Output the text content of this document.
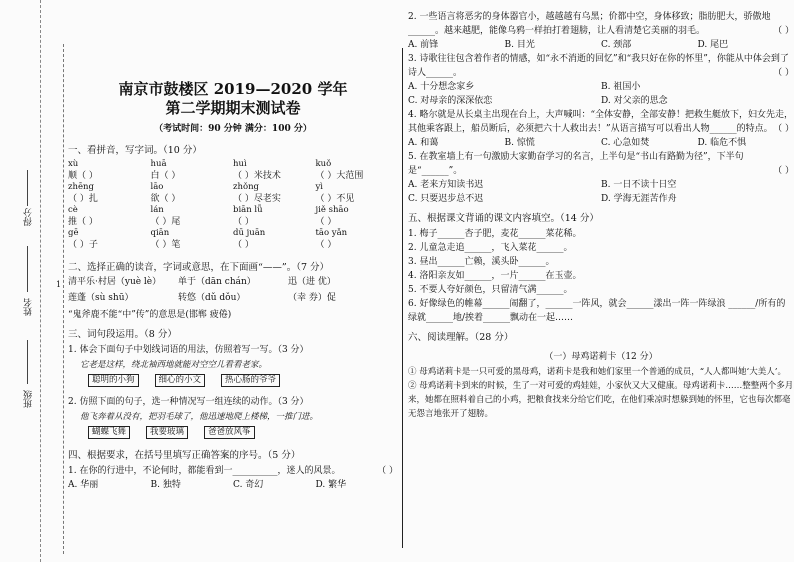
得分
姓名
班级
1
南京市鼓楼区 2019—2020 学年
第二学期期末测试卷
（考试时间：90 分钟 满分：100 分）
一、看拼音，写字词。（10 分）
xù	huā	huì	kuǒ
顺（ ）	白（ ）	（ ）米技术	（ ）大范围
zhēng	lāo	zhǒng	yì
（ ）扎	欲（ ）	（ ）尽老实	（ ）不见
cè	lán	biān lǚ	jiě shāo
推（ ）	（ ）尾	（ ）	（ ）
gē	qiān	dū juān	tāo yǎn
（ ）子	（ ）笔	（ ）	（ ）
二、选择正确的读音，字词或意思，在下面画“——”。（7 分）
清平乐·村居（yuè lè）	单于（dān chán）	迅（进 优）
莲蓬（sù shū）	转悠（dǔ dǒu）	（幸 券）促
“鬼斧鹿不能“中”传”的意思是(邯郸 疲倦)
三、词句段运用。（8 分）
1. 体会下面句子中划线词语的用法，仿照着写一写。（3 分）
它老是这样，绕北袖西地就能对空空儿看看老家。
聪明的小狗	细心的小文	热心肠的爷爷
2. 仿照下面的句子，选一种情况写一组连续的动作。（3 分）
他飞奔着从没有，把羽毛球了，他迅速地爬上楼梯，一推门进。
蝴蝶飞舞	我要玻璃	爸爸放风筝
四、根据要求，在括号里填写正确答案的序号。（5 分）
1. 在你的行进中，不论何时，都能看到一__________，迷人的风景。	（ ）
A. 华丽	B. 独特	C. 奇幻	D. 繁华
2. 一些语言将恶劣的身体器官小，越越越有乌黑；价都中空，身体移致；脂肪肥大，骄傲地______。越来越肥，能像乌鸦一样拍打着翅膀，让人看清楚它美丽的羽毛。	（ ）
A. 前锋	B. 目光	C. 颈部	D. 尾巴
3. 诗歌往往包含着作者的情感，如“永不消逝的回忆”和“我只好在你的怀里”，你能从中体会到了诗人______。	（ ）
A. 十分想念家乡	B. 祖国小
C. 对母亲的深深依恋	D. 对父亲的思念
4. 略尔就是从长桌主出现在台上，大声喊叫：“全体安静，全部安静！把救生艇放下，妇女先走，其他乘客跟上，船员断后，必须把六十人救出去！”从语言描写可以看出人物______的特点。 （ ）
A. 和蔼	B. 惊慌	C. 心急如焚	D. 临危不惧
5. 在教室墙上有一句激励大家勤奋学习的名言，上半句是“书山有路勤为径”，下半句是“______”。	（ ）
A. 老来方知读书迟	B. 一日不读十日空
C. 只要迟步总不迟	D. 学海无涯苦作舟
五、根据课文背诵的课文内容填空。（14 分）
1. 梅子______杏子肥，麦花______菜花稀。
2. 儿童急走追______，飞入菜花______。
3. 昼出______亡赖，溪头卧______。
4. 洛阳亲友如______，一片______在玉壶。
5. 不要人夸好颜色，只留清气满______。
6. 好像绿色的帷幕______闹翻了，______一阵风，就会______漾出一阵一阵绿浪 ______/所有的绿就______地/挨着______飘动在一起……
六、阅读理解。（28 分）
（一）母鸡诺莉卡（12 分）
① 母鸡诺莉卡是一只可爱的黑母鸡，诺莉卡是我和她们家里一个普通的成员，“人人都叫她‘大美人’。
② 母鸡诺莉卡到来的时候，生了一对可爱的鸡娃娃，小家伙又大又健康。母鸡诺莉卡……整整两个多月来，她都在照料着自己的小鸡，把粮食找来分给它们吃，在他们乘凉时想躲到她的怀里，它也每次都毫无怨言地张开了翅膀。
